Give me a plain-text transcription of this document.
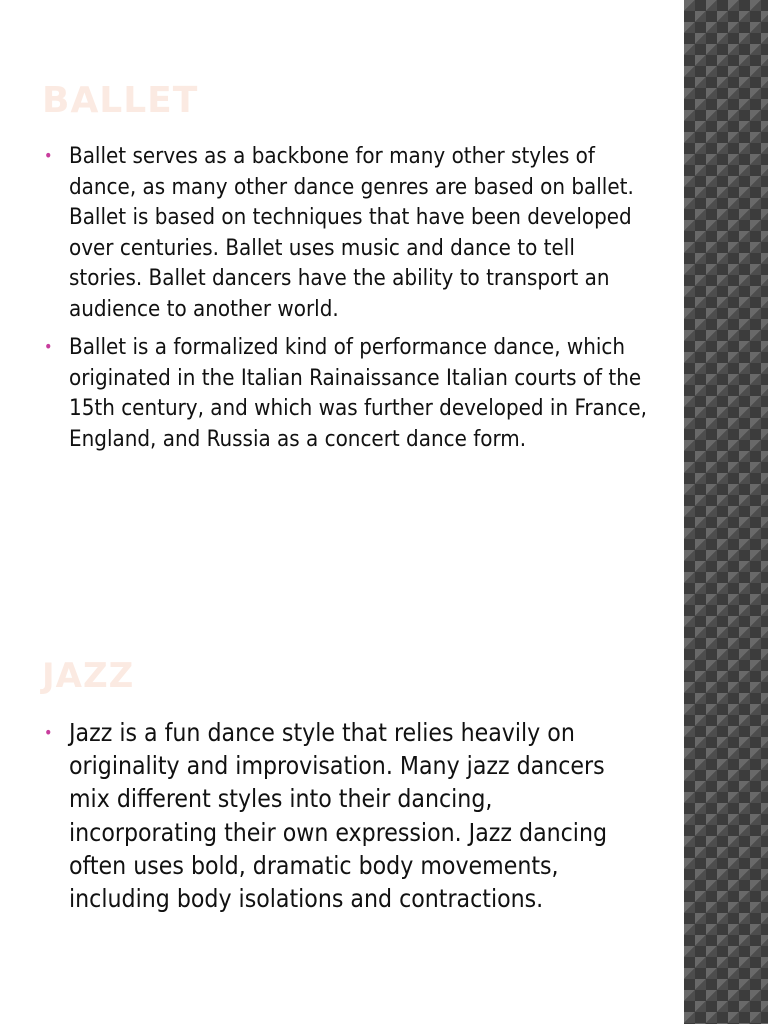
BALLET
• Ballet serves as a backbone for many other styles of dance, as many other dance genres are based on ballet. Ballet is based on techniques that have been developed over centuries. Ballet uses music and dance to tell stories. Ballet dancers have the ability to transport an audience to another world.
• Ballet is a formalized kind of performance dance, which originated in the Italian Rainaissance Italian courts of the 15th century, and which was further developed in France, England, and Russia as a concert dance form.
JAZZ
• Jazz is a fun dance style that relies heavily on originality and improvisation. Many jazz dancers mix different styles into their dancing, incorporating their own expression. Jazz dancing often uses bold, dramatic body movements, including body isolations and contractions.
